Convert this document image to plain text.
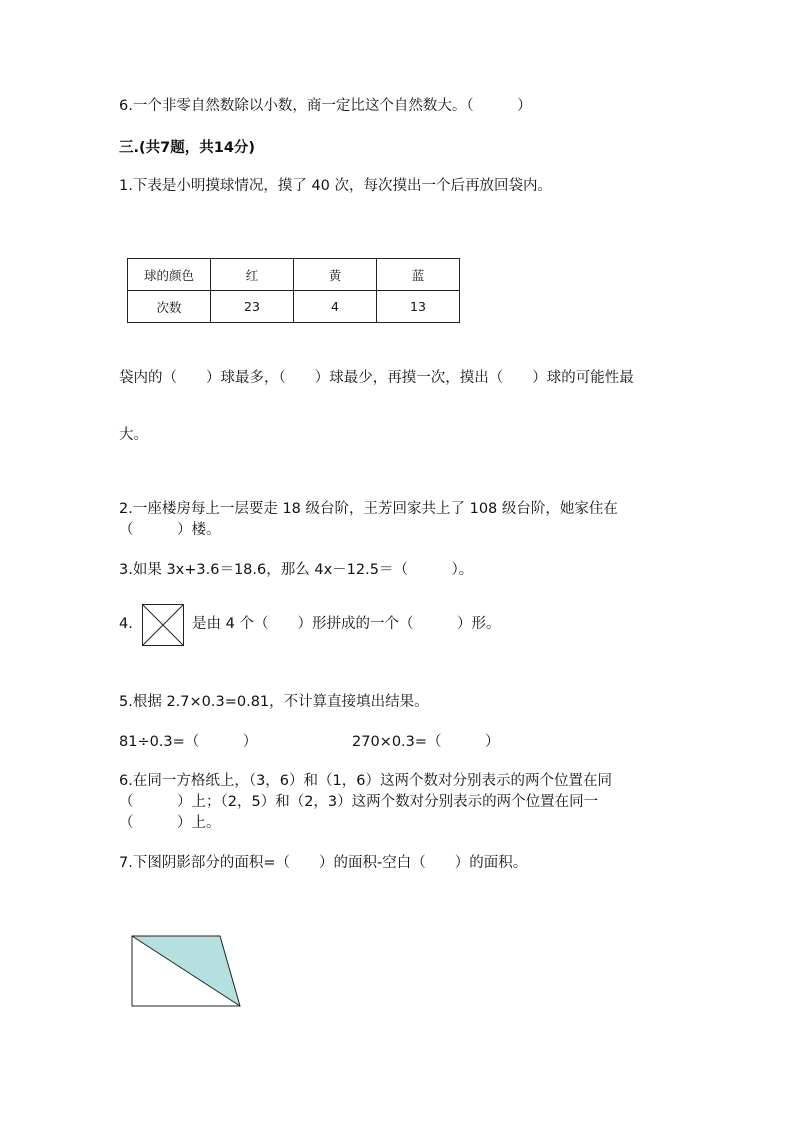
6.一个非零自然数除以小数，商一定比这个自然数大。（　　　）
三.(共7题，共14分)
1.下表是小明摸球情况，摸了 40 次，每次摸出一个后再放回袋内。
球的颜色	红	黄	蓝
次数	23	4	13
袋内的（　　）球最多，（　　）球最少，再摸一次，摸出（　　）球的可能性最
大。
2.一座楼房每上一层要走 18 级台阶，王芳回家共上了 108 级台阶，她家住在
（　　　）楼。
3.如果 3x+3.6＝18.6，那么 4x－12.5＝（　　　）。
4.	是由 4 个（　　）形拼成的一个（　　　）形。
5.根据 2.7×0.3=0.81，不计算直接填出结果。
81÷0.3=（　　　）	270×0.3=（　　　）
6.在同一方格纸上，（3，6）和（1，6）这两个数对分别表示的两个位置在同
（　　　）上；（2，5）和（2，3）这两个数对分别表示的两个位置在同一
（　　　）上。
7.下图阴影部分的面积=（　　）的面积-空白（　　）的面积。
